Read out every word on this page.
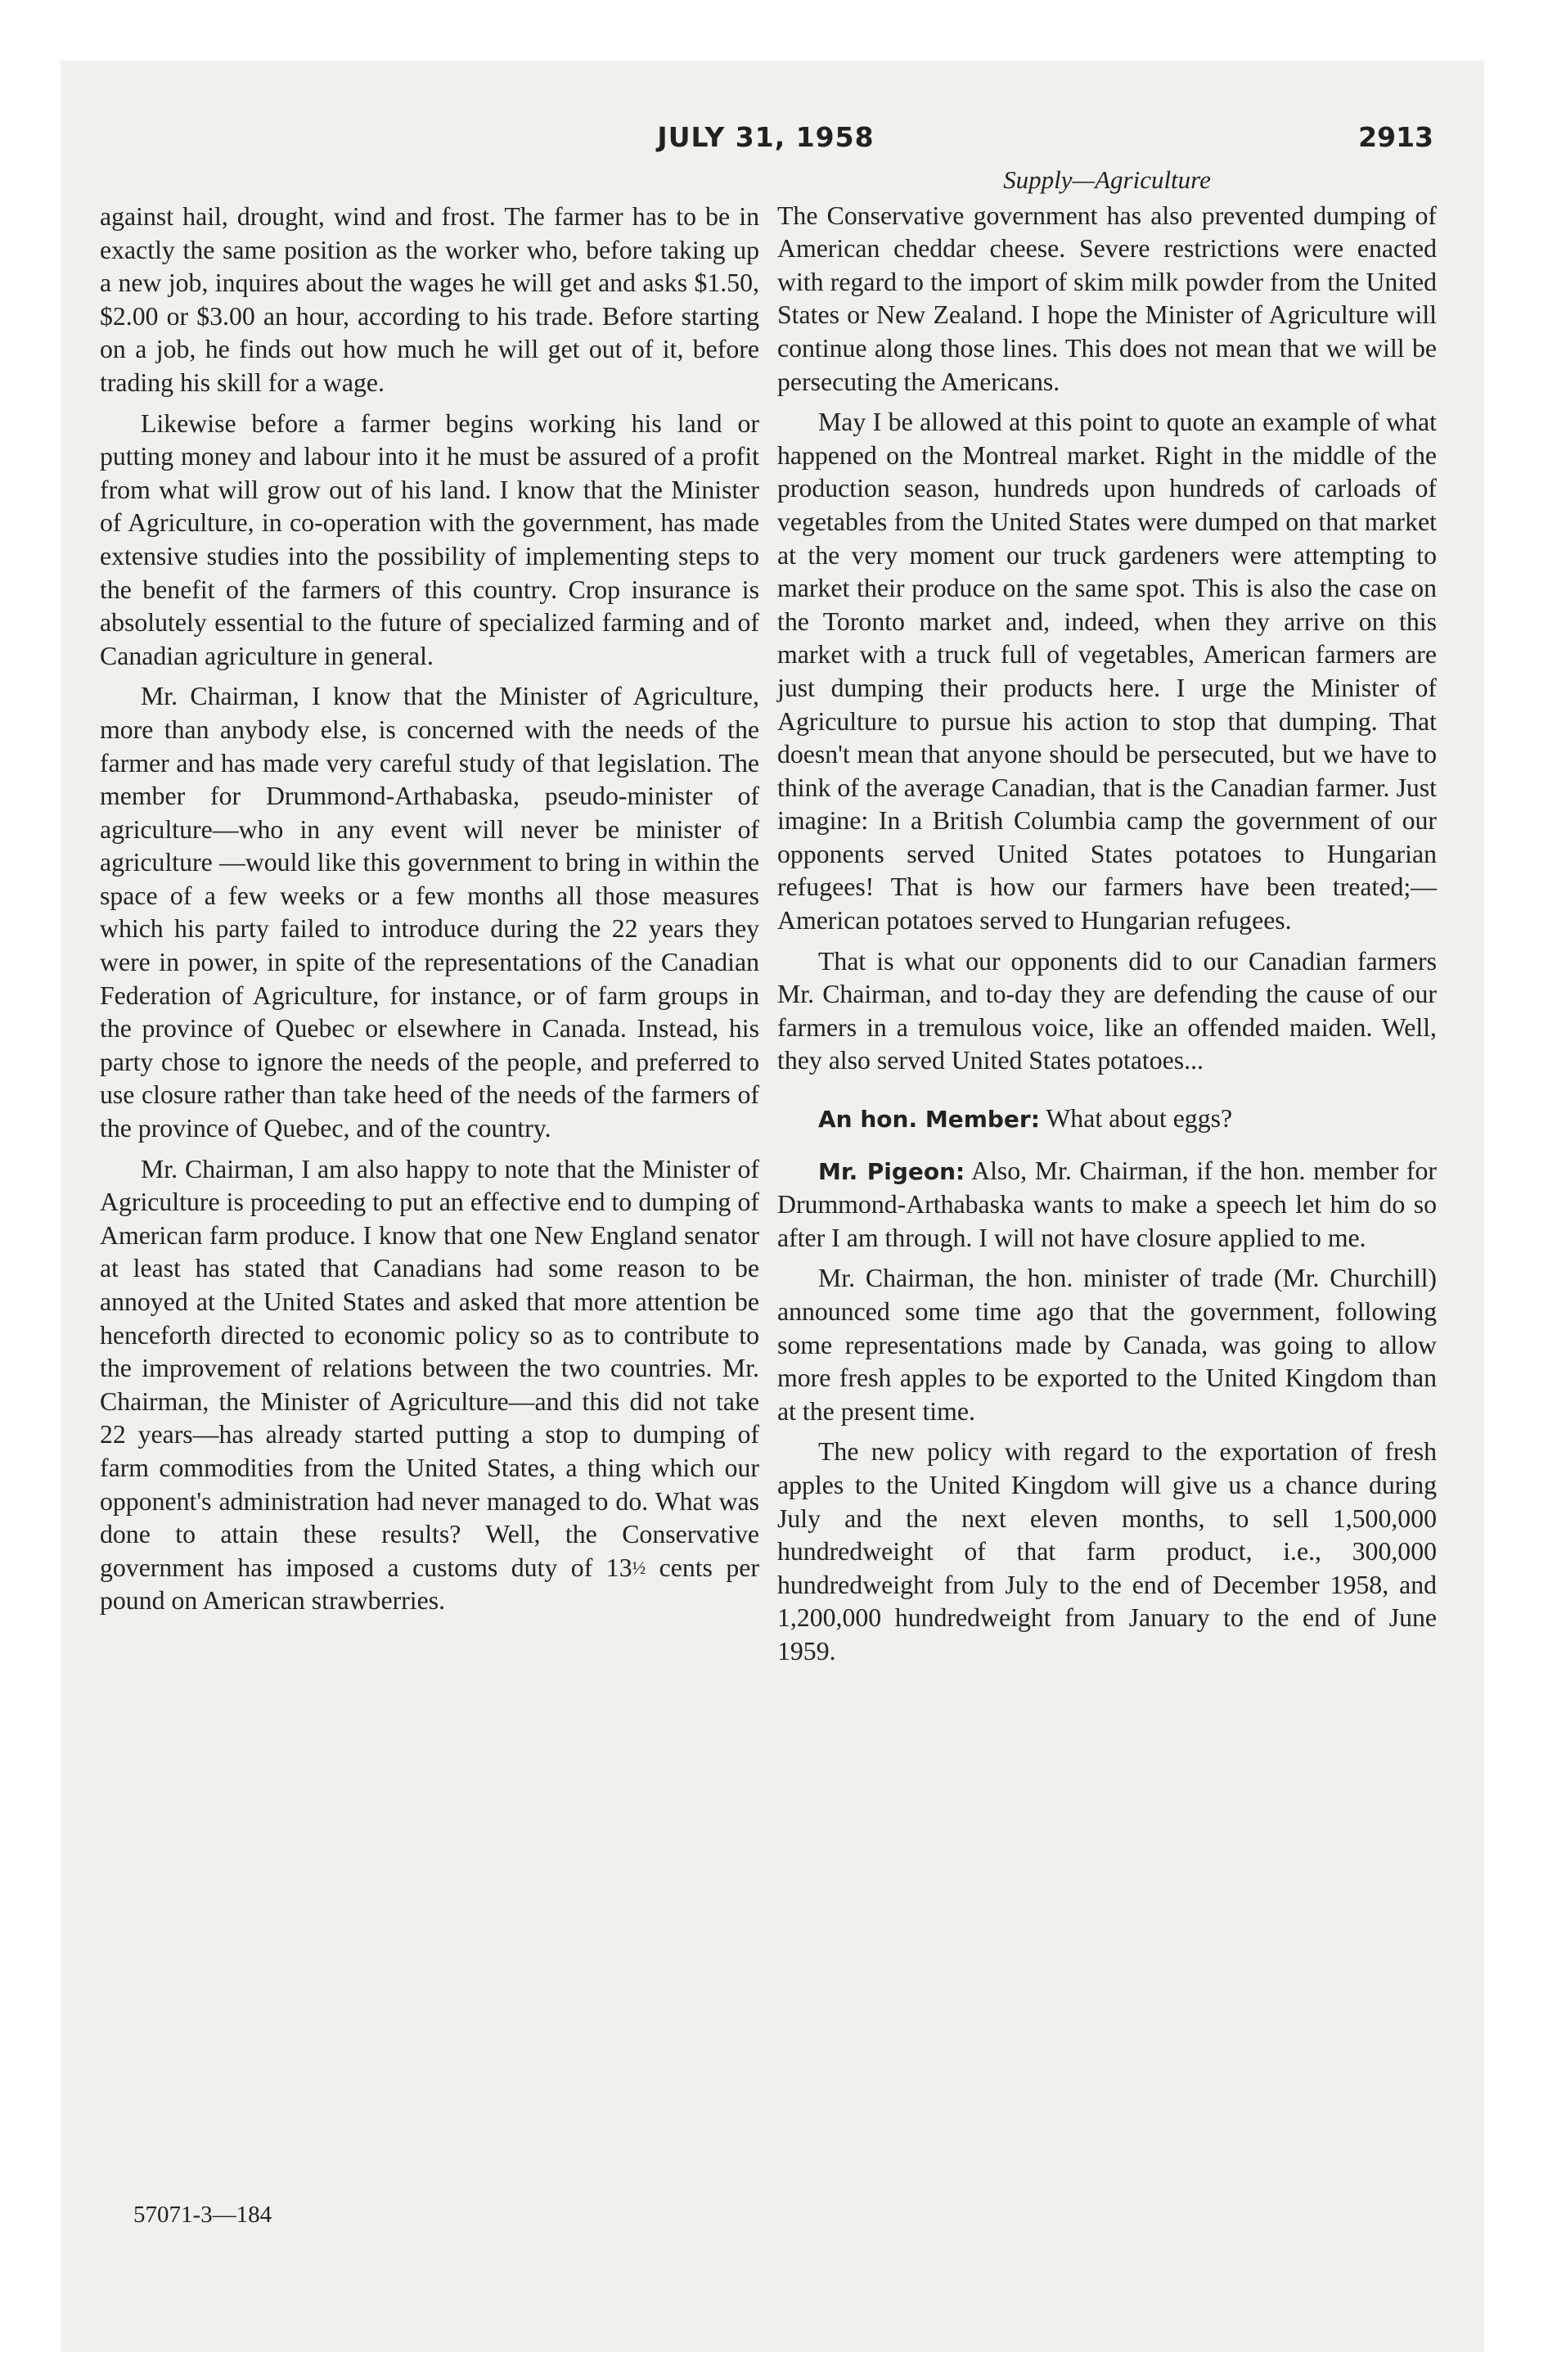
JULY 31, 1958	2913

against hail, drought, wind and frost. The farmer has to be in exactly the same position as the worker who, before taking up a new job, inquires about the wages he will get and asks $1.50, $2.00 or $3.00 an hour, according to his trade. Before starting on a job, he finds out how much he will get out of it, before trading his skill for a wage.

Likewise before a farmer begins working his land or putting money and labour into it he must be assured of a profit from what will grow out of his land. I know that the Minister of Agriculture, in co-operation with the government, has made extensive studies into the possibility of implementing steps to the benefit of the farmers of this country. Crop insurance is absolutely essential to the future of specialized farming and of Canadian agriculture in general.

Mr. Chairman, I know that the Minister of Agriculture, more than anybody else, is concerned with the needs of the farmer and has made very careful study of that legislation. The member for Drummond-Arthabaska, pseudo-minister of agriculture—who in any event will never be minister of agriculture —would like this government to bring in within the space of a few weeks or a few months all those measures which his party failed to introduce during the 22 years they were in power, in spite of the representations of the Canadian Federation of Agriculture, for instance, or of farm groups in the province of Quebec or elsewhere in Canada. Instead, his party chose to ignore the needs of the people, and preferred to use closure rather than take heed of the needs of the farmers of the province of Quebec, and of the country.

Mr. Chairman, I am also happy to note that the Minister of Agriculture is proceeding to put an effective end to dumping of American farm produce. I know that one New England senator at least has stated that Canadians had some reason to be annoyed at the United States and asked that more attention be henceforth directed to economic policy so as to contribute to the improvement of relations between the two countries. Mr. Chairman, the Minister of Agriculture—and this did not take 22 years—has already started putting a stop to dumping of farm commodities from the United States, a thing which our opponent's administration had never managed to do. What was done to attain these results? Well, the Conservative government has imposed a customs duty of 13½ cents per pound on American strawberries.

57071-3—184
Supply—Agriculture

The Conservative government has also prevented dumping of American cheddar cheese. Severe restrictions were enacted with regard to the import of skim milk powder from the United States or New Zealand. I hope the Minister of Agriculture will continue along those lines. This does not mean that we will be persecuting the Americans.

May I be allowed at this point to quote an example of what happened on the Montreal market. Right in the middle of the production season, hundreds upon hundreds of carloads of vegetables from the United States were dumped on that market at the very moment our truck gardeners were attempting to market their produce on the same spot. This is also the case on the Toronto market and, indeed, when they arrive on this market with a truck full of vegetables, American farmers are just dumping their products here. I urge the Minister of Agriculture to pursue his action to stop that dumping. That doesn't mean that anyone should be persecuted, but we have to think of the average Canadian, that is the Canadian farmer. Just imagine: In a British Columbia camp the government of our opponents served United States potatoes to Hungarian refugees! That is how our farmers have been treated;—American potatoes served to Hungarian refugees.

That is what our opponents did to our Canadian farmers Mr. Chairman, and to-day they are defending the cause of our farmers in a tremulous voice, like an offended maiden. Well, they also served United States potatoes...

An hon. Member: What about eggs?

Mr. Pigeon: Also, Mr. Chairman, if the hon. member for Drummond-Arthabaska wants to make a speech let him do so after I am through. I will not have closure applied to me.

Mr. Chairman, the hon. minister of trade (Mr. Churchill) announced some time ago that the government, following some representations made by Canada, was going to allow more fresh apples to be exported to the United Kingdom than at the present time.

The new policy with regard to the exportation of fresh apples to the United Kingdom will give us a chance during July and the next eleven months, to sell 1,500,000 hundredweight of that farm product, i.e., 300,000 hundredweight from July to the end of December 1958, and 1,200,000 hundredweight from January to the end of June 1959.
